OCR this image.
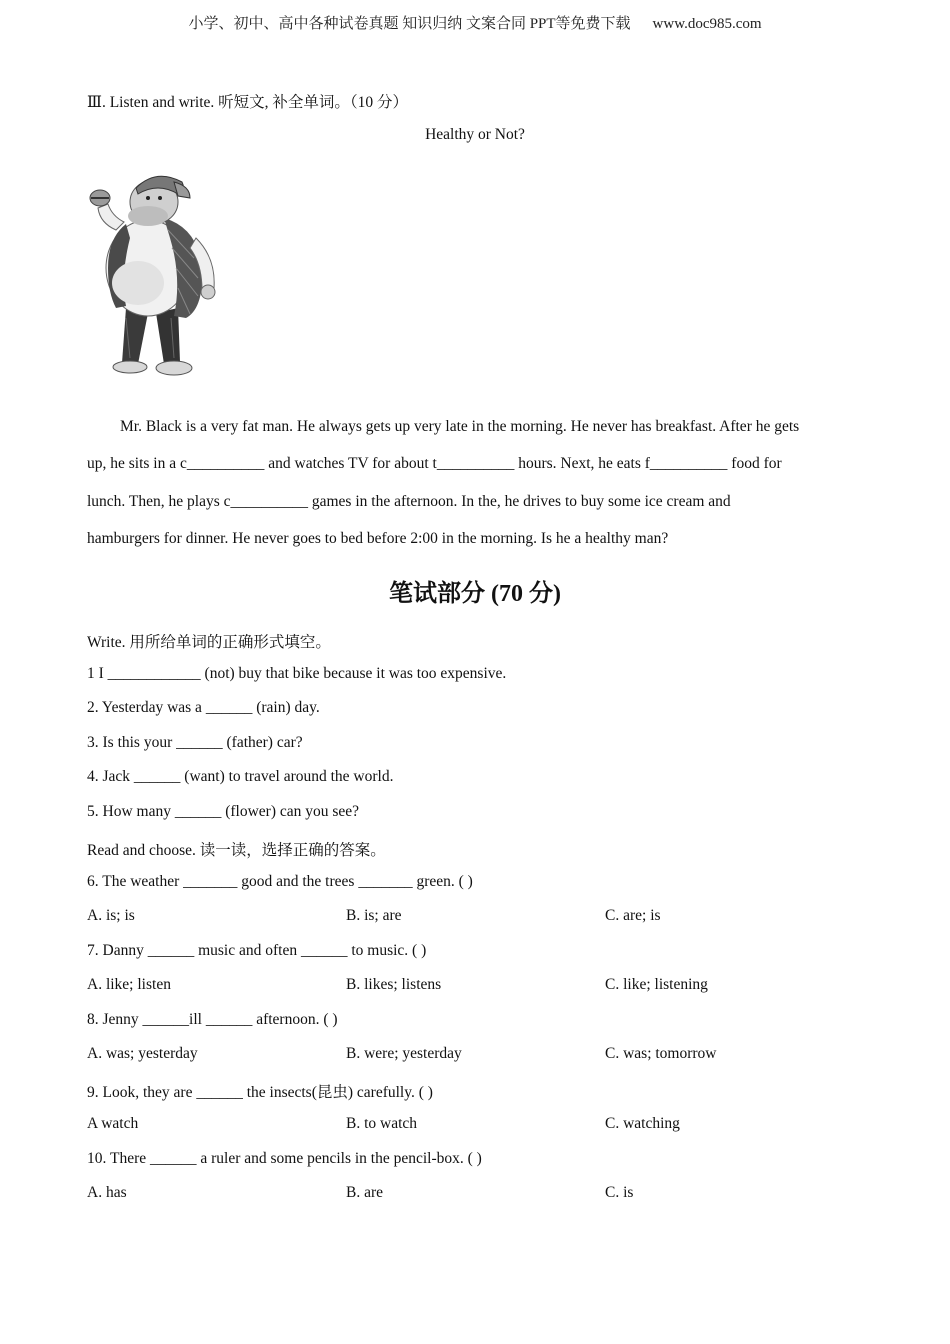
小学、初中、高中各种试卷真题 知识归纳 文案合同 PPT等免费下载 www.doc985.com
Ⅲ. Listen and write. 听短文, 补全单词。（10 分）
Healthy or Not?
Mr. Black is a very fat man. He always gets up very late in the morning. He never has breakfast. After he gets
up, he sits in a c__________ and watches TV for about t__________ hours. Next, he eats f__________ food for
lunch. Then, he plays c__________ games in the afternoon. In the, he drives to buy some ice cream and
hamburgers for dinner. He never goes to bed before 2:00 in the morning. Is he a healthy man?
笔试部分 (70 分)
Write. 用所给单词的正确形式填空。
1 I ____________ (not) buy that bike because it was too expensive.
2. Yesterday was a ______ (rain) day.
3. Is this your ______ (father) car?
4. Jack ______ (want) to travel around the world.
5. How many ______ (flower) can you see?
Read and choose. 读一读，选择正确的答案。
6. The weather _______ good and the trees _______ green. ( )
A. is; is	B. is; are	C. are; is
7. Danny ______ music and often ______ to music. ( )
A. like; listen	B. likes; listens	C. like; listening
8. Jenny ______ill ______ afternoon. ( )
A. was; yesterday	B. were; yesterday	C. was; tomorrow
9. Look, they are ______ the insects(昆虫) carefully. ( )
A watch	B. to watch	C. watching
10. There ______ a ruler and some pencils in the pencil-box. ( )
A. has	B. are	C. is
